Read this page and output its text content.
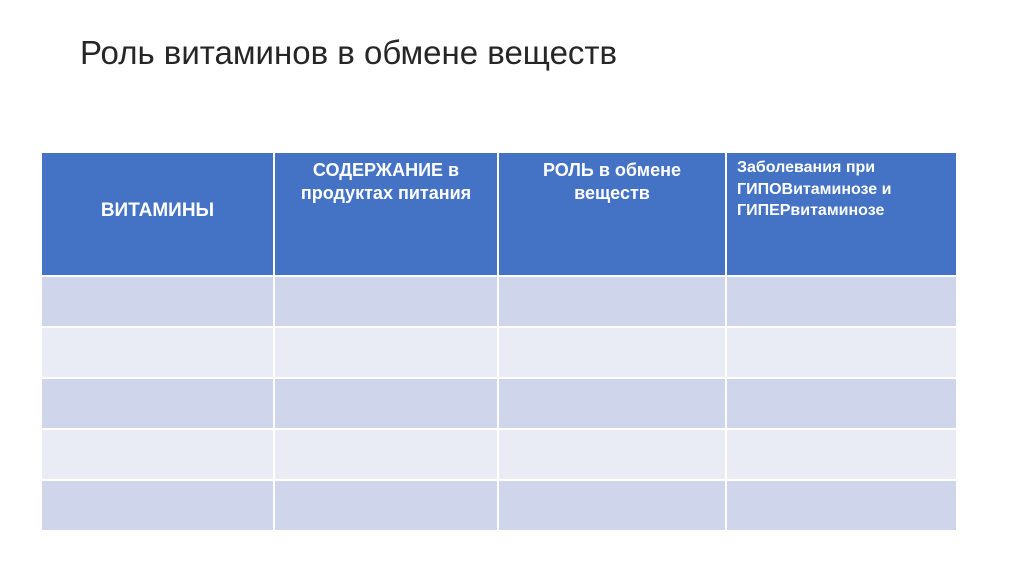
Роль витаминов в обмене веществ
ВИТАМИНЫ	СОДЕРЖАНИЕ в продуктах питания	РОЛЬ в обмене веществ	Заболевания при ГИПОВитаминозе и ГИПЕРвитаминозе
